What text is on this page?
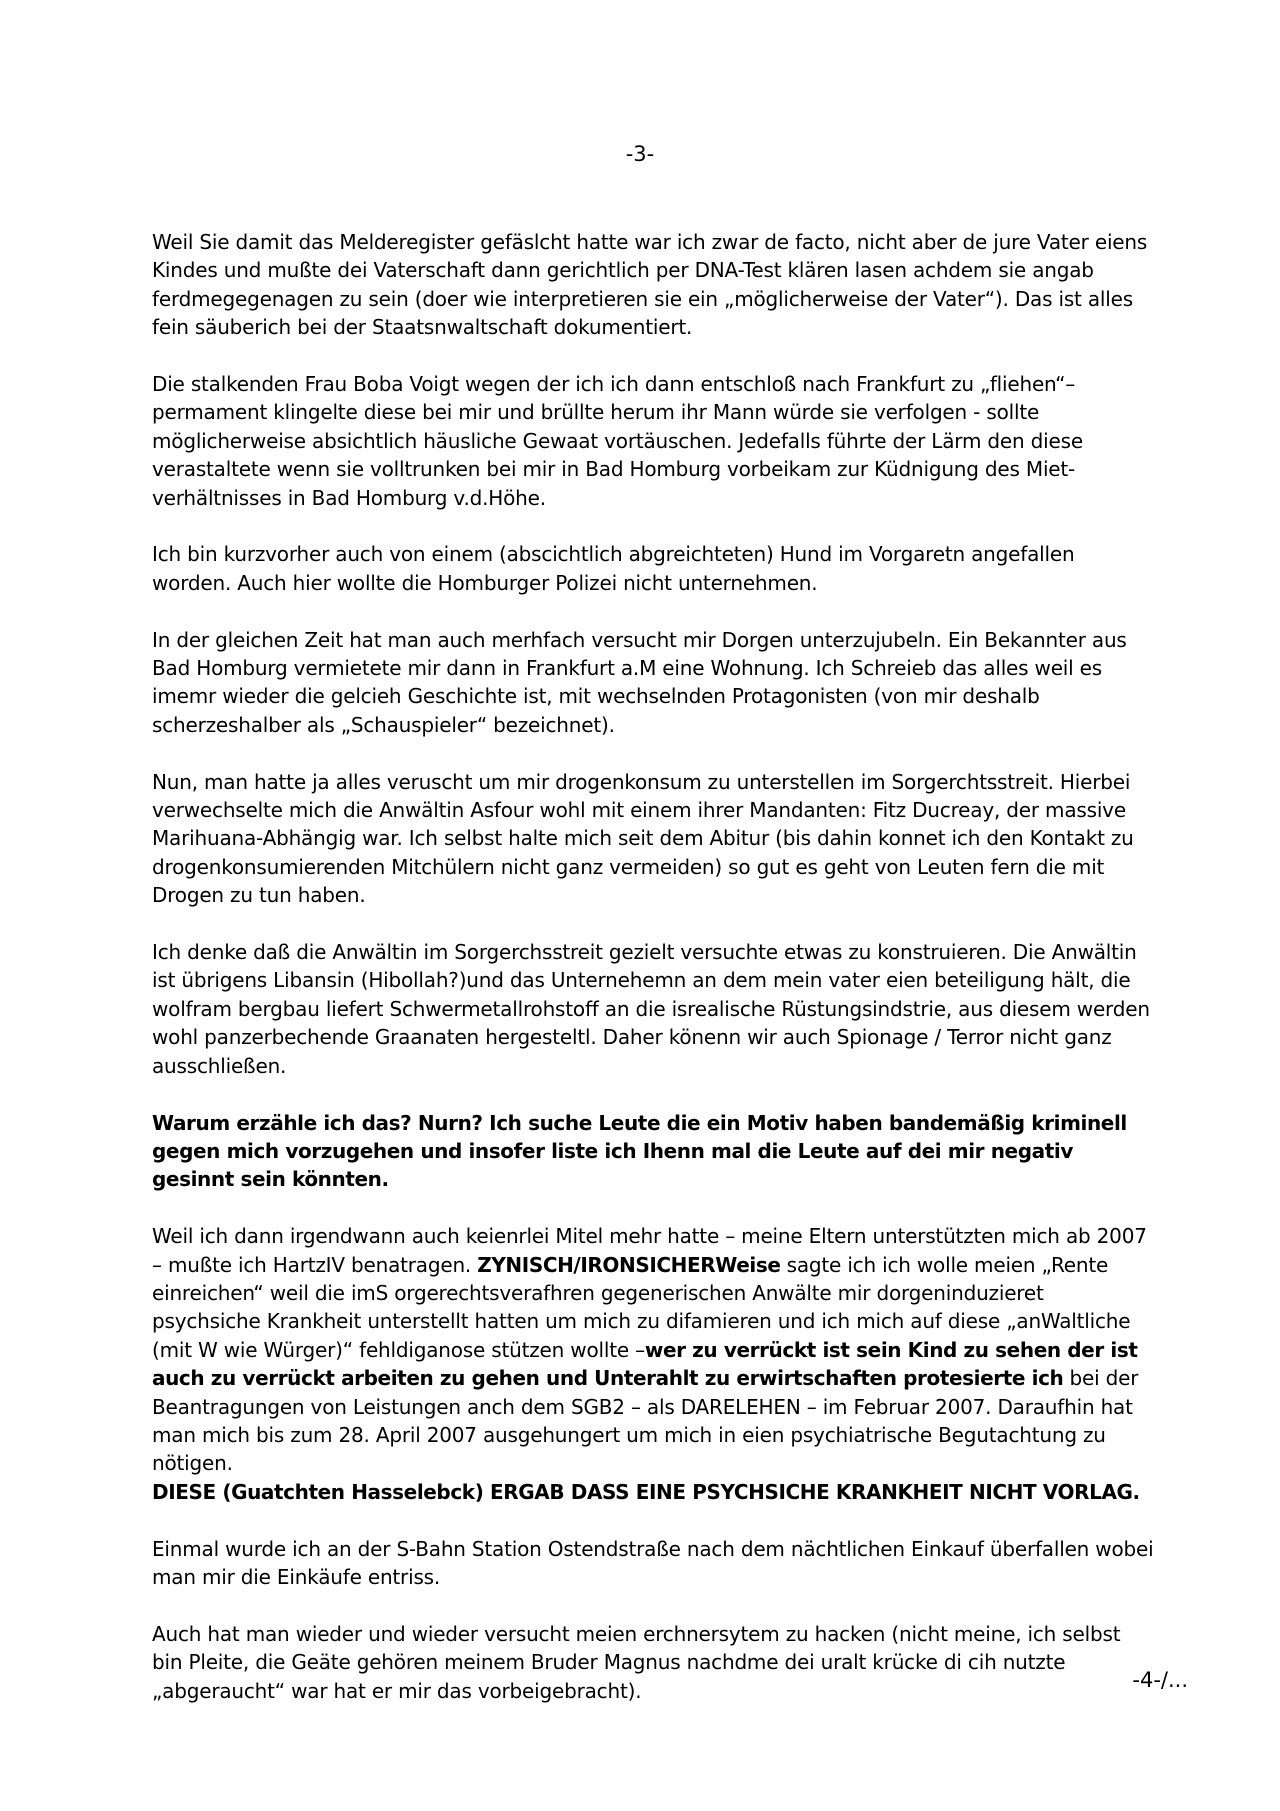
-3-

Weil Sie damit das Melderegister gefäslcht hatte war ich zwar de facto, nicht aber de jure Vater eiens Kindes und mußte dei Vaterschaft dann gerichtlich per DNA-Test klären lasen achdem sie angab ferdmegegenagen zu sein (doer wie interpretieren sie ein „möglicherweise der Vater“). Das ist alles fein säuberich bei der Staatsnwaltschaft dokumentiert.

Die stalkenden Frau Boba Voigt wegen der ich ich dann entschloß nach Frankfurt zu „fliehen“– permament klingelte diese bei mir und brüllte herum ihr Mann würde sie verfolgen - sollte möglicherweise absichtlich häusliche Gewaat vortäuschen. Jedefalls führte der Lärm den diese verastaltete wenn sie volltrunken bei mir in Bad Homburg vorbeikam zur Küdnigung des Miet-verhältnisses in Bad Homburg v.d.Höhe.

Ich bin kurzvorher auch von einem (abscichtlich abgreichteten) Hund im Vorgaretn angefallen worden. Auch hier wollte die Homburger Polizei nicht unternehmen.

In der gleichen Zeit hat man auch merhfach versucht mir Dorgen unterzujubeln. Ein Bekannter aus Bad Homburg vermietete mir dann in Frankfurt a.M eine Wohnung. Ich Schreieb das alles weil es imemr wieder die gelcieh Geschichte ist, mit wechselnden Protagonisten (von mir deshalb scherzeshalber als „Schauspieler“ bezeichnet).

Nun, man hatte ja alles veruscht um mir drogenkonsum zu unterstellen im Sorgerchtsstreit. Hierbei verwechselte mich die Anwältin Asfour wohl mit einem ihrer Mandanten: Fitz Ducreay, der massive Marihuana-Abhängig war. Ich selbst halte mich seit dem Abitur (bis dahin konnet ich den Kontakt zu drogenkonsumierenden Mitchülern nicht ganz vermeiden) so gut es geht von Leuten fern die mit Drogen zu tun haben.

Ich denke daß die Anwältin im Sorgerchsstreit gezielt versuchte etwas zu konstruieren. Die Anwältin ist übrigens Libansin (Hibollah?)und das Unternehemn an dem mein vater eien beteiligung hält, die wolfram bergbau liefert Schwermetallrohstoff an die isrealische Rüstungsindstrie, aus diesem werden wohl panzerbechende Graanaten hergesteltl. Daher könenn wir auch Spionage / Terror nicht ganz ausschließen.

Warum erzähle ich das? Nurn? Ich suche Leute die ein Motiv haben bandemäßig kriminell gegen mich vorzugehen und insofer liste ich Ihenn mal die Leute auf dei mir negativ gesinnt sein könnten.

Weil ich dann irgendwann auch keienrlei Mitel mehr hatte – meine Eltern unterstützten mich ab 2007 – mußte ich HartzIV benatragen. ZYNISCH/IRONSICHERWeise sagte ich ich wolle meien „Rente einreichen“ weil die imS orgerechtsverafhren gegenerischen Anwälte mir dorgeninduzieret psychsiche Krankheit unterstellt hatten um mich zu difamieren und ich mich auf diese „anWaltliche (mit W wie Würger)“ fehldiganose stützen wollte –wer zu verrückt ist sein Kind zu sehen der ist auch zu verrückt arbeiten zu gehen und Unterahlt zu erwirtschaften protesierte ich bei der Beantragungen von Leistungen anch dem SGB2 – als DARELEHEN – im Februar 2007. Daraufhin hat man mich bis zum 28. April 2007 ausgehungert um mich in eien psychiatrische Begutachtung zu nötigen.
DIESE (Guatchten Hasselebck) ERGAB DASS EINE PSYCHSICHE KRANKHEIT NICHT VORLAG.

Einmal wurde ich an der S-Bahn Station Ostendstraße nach dem nächtlichen Einkauf überfallen wobei man mir die Einkäufe entriss.

Auch hat man wieder und wieder versucht meien erchnersytem zu hacken (nicht meine, ich selbst bin Pleite, die Geäte gehören meinem Bruder Magnus nachdme dei uralt krücke di cih nutzte „abgeraucht“ war hat er mir das vorbeigebracht).	-4-/...
